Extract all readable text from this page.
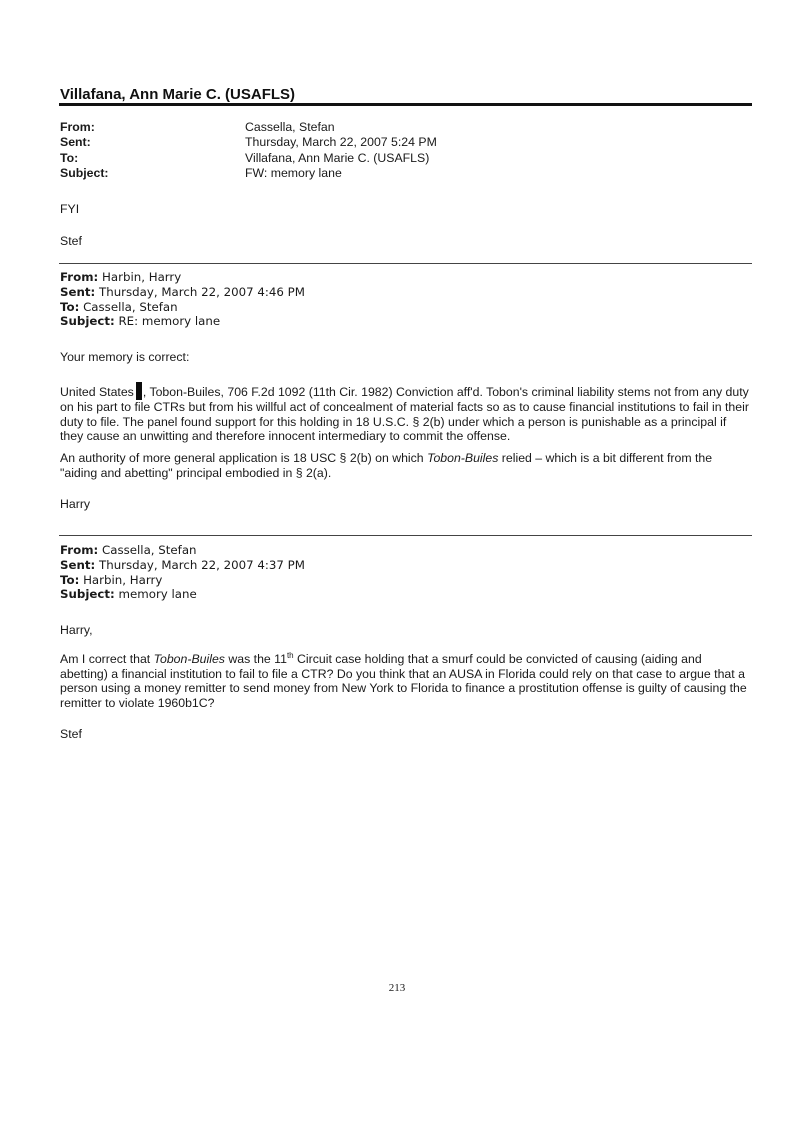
Villafana, Ann Marie C. (USAFLS)
From:	Cassella, Stefan
Sent:	Thursday, March 22, 2007 5:24 PM
To:	Villafana, Ann Marie C. (USAFLS)
Subject:	FW: memory lane

FYI

Stef

From: Harbin, Harry
Sent: Thursday, March 22, 2007 4:46 PM
To: Cassella, Stefan
Subject: RE: memory lane

Your memory is correct:

United States , Tobon-Builes, 706 F.2d 1092 (11th Cir. 1982) Conviction aff'd. Tobon's criminal liability stems not from any duty on his part to file CTRs but from his willful act of concealment of material facts so as to cause financial institutions to fail in their duty to file. The panel found support for this holding in 18 U.S.C. § 2(b) under which a person is punishable as a principal if they cause an unwitting and therefore innocent intermediary to commit the offense.

An authority of more general application is 18 USC § 2(b) on which Tobon-Builes relied – which is a bit different from the "aiding and abetting" principal embodied in § 2(a).

Harry

From: Cassella, Stefan
Sent: Thursday, March 22, 2007 4:37 PM
To: Harbin, Harry
Subject: memory lane

Harry,

Am I correct that Tobon-Builes was the 11th Circuit case holding that a smurf could be convicted of causing (aiding and abetting) a financial institution to fail to file a CTR? Do you think that an AUSA in Florida could rely on that case to argue that a person using a money remitter to send money from New York to Florida to finance a prostitution offense is guilty of causing the remitter to violate 1960b1C?

Stef

213
